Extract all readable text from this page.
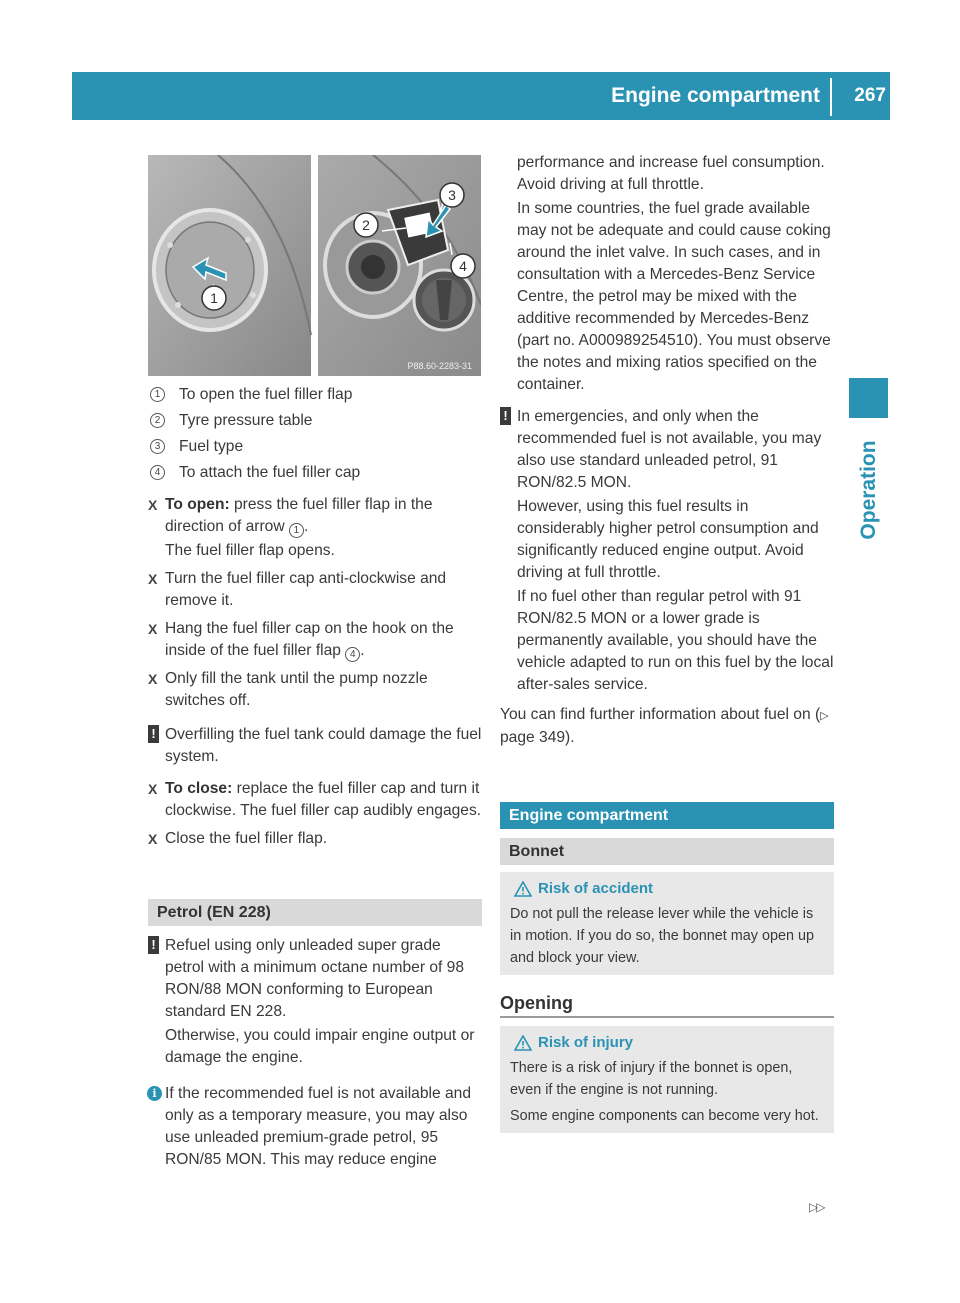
Engine compartment 267
Operation
1
2
3
4
P88.60-2283-31
1	To open the fuel filler flap
2	Tyre pressure table
3	Fuel type
4	To attach the fuel filler cap
X To open: press the fuel filler flap in the direction of arrow 1 .

The fuel filler flap opens.

X Turn the fuel filler cap anti-clockwise and remove it.

X Hang the fuel filler cap on the hook on the inside of the fuel filler flap 4 .

X Only fill the tank until the pump nozzle switches off.

! Overfilling the fuel tank could damage the fuel system.

X To close: replace the fuel filler cap and turn it clockwise. The fuel filler cap audibly engages.

X Close the fuel filler flap.

Petrol (EN 228)
! Refuel using only unleaded super grade petrol with a minimum octane number of 98 RON/88 MON conforming to European standard EN 228.

Otherwise, you could impair engine output or damage the engine.

i If the recommended fuel is not available and only as a temporary measure, you may also use unleaded premium-grade petrol, 95 RON/85 MON. This may reduce engine

performance and increase fuel consumption. Avoid driving at full throttle.

In some countries, the fuel grade available may not be adequate and could cause coking around the inlet valve. In such cases, and in consultation with a Mercedes-Benz Service Centre, the petrol may be mixed with the additive recommended by Mercedes-Benz (part no. A000989254510). You must observe the notes and mixing ratios specified on the container.

! In emergencies, and only when the recommended fuel is not available, you may also use standard unleaded petrol, 91 RON/82.5 MON.

However, using this fuel results in considerably higher petrol consumption and significantly reduced engine output. Avoid driving at full throttle.

If no fuel other than regular petrol with 91 RON/82.5 MON or a lower grade is permanently available, you should have the vehicle adapted to run on this fuel by the local after-sales service.

You can find further information about fuel on (▷ page 349).

Engine compartment
Bonnet
Risk of accident

Do not pull the release lever while the vehicle is in motion. If you do so, the bonnet may open up and block your view.

Opening
Risk of injury

There is a risk of injury if the bonnet is open, even if the engine is not running.

Some engine components can become very hot.

▷▷
